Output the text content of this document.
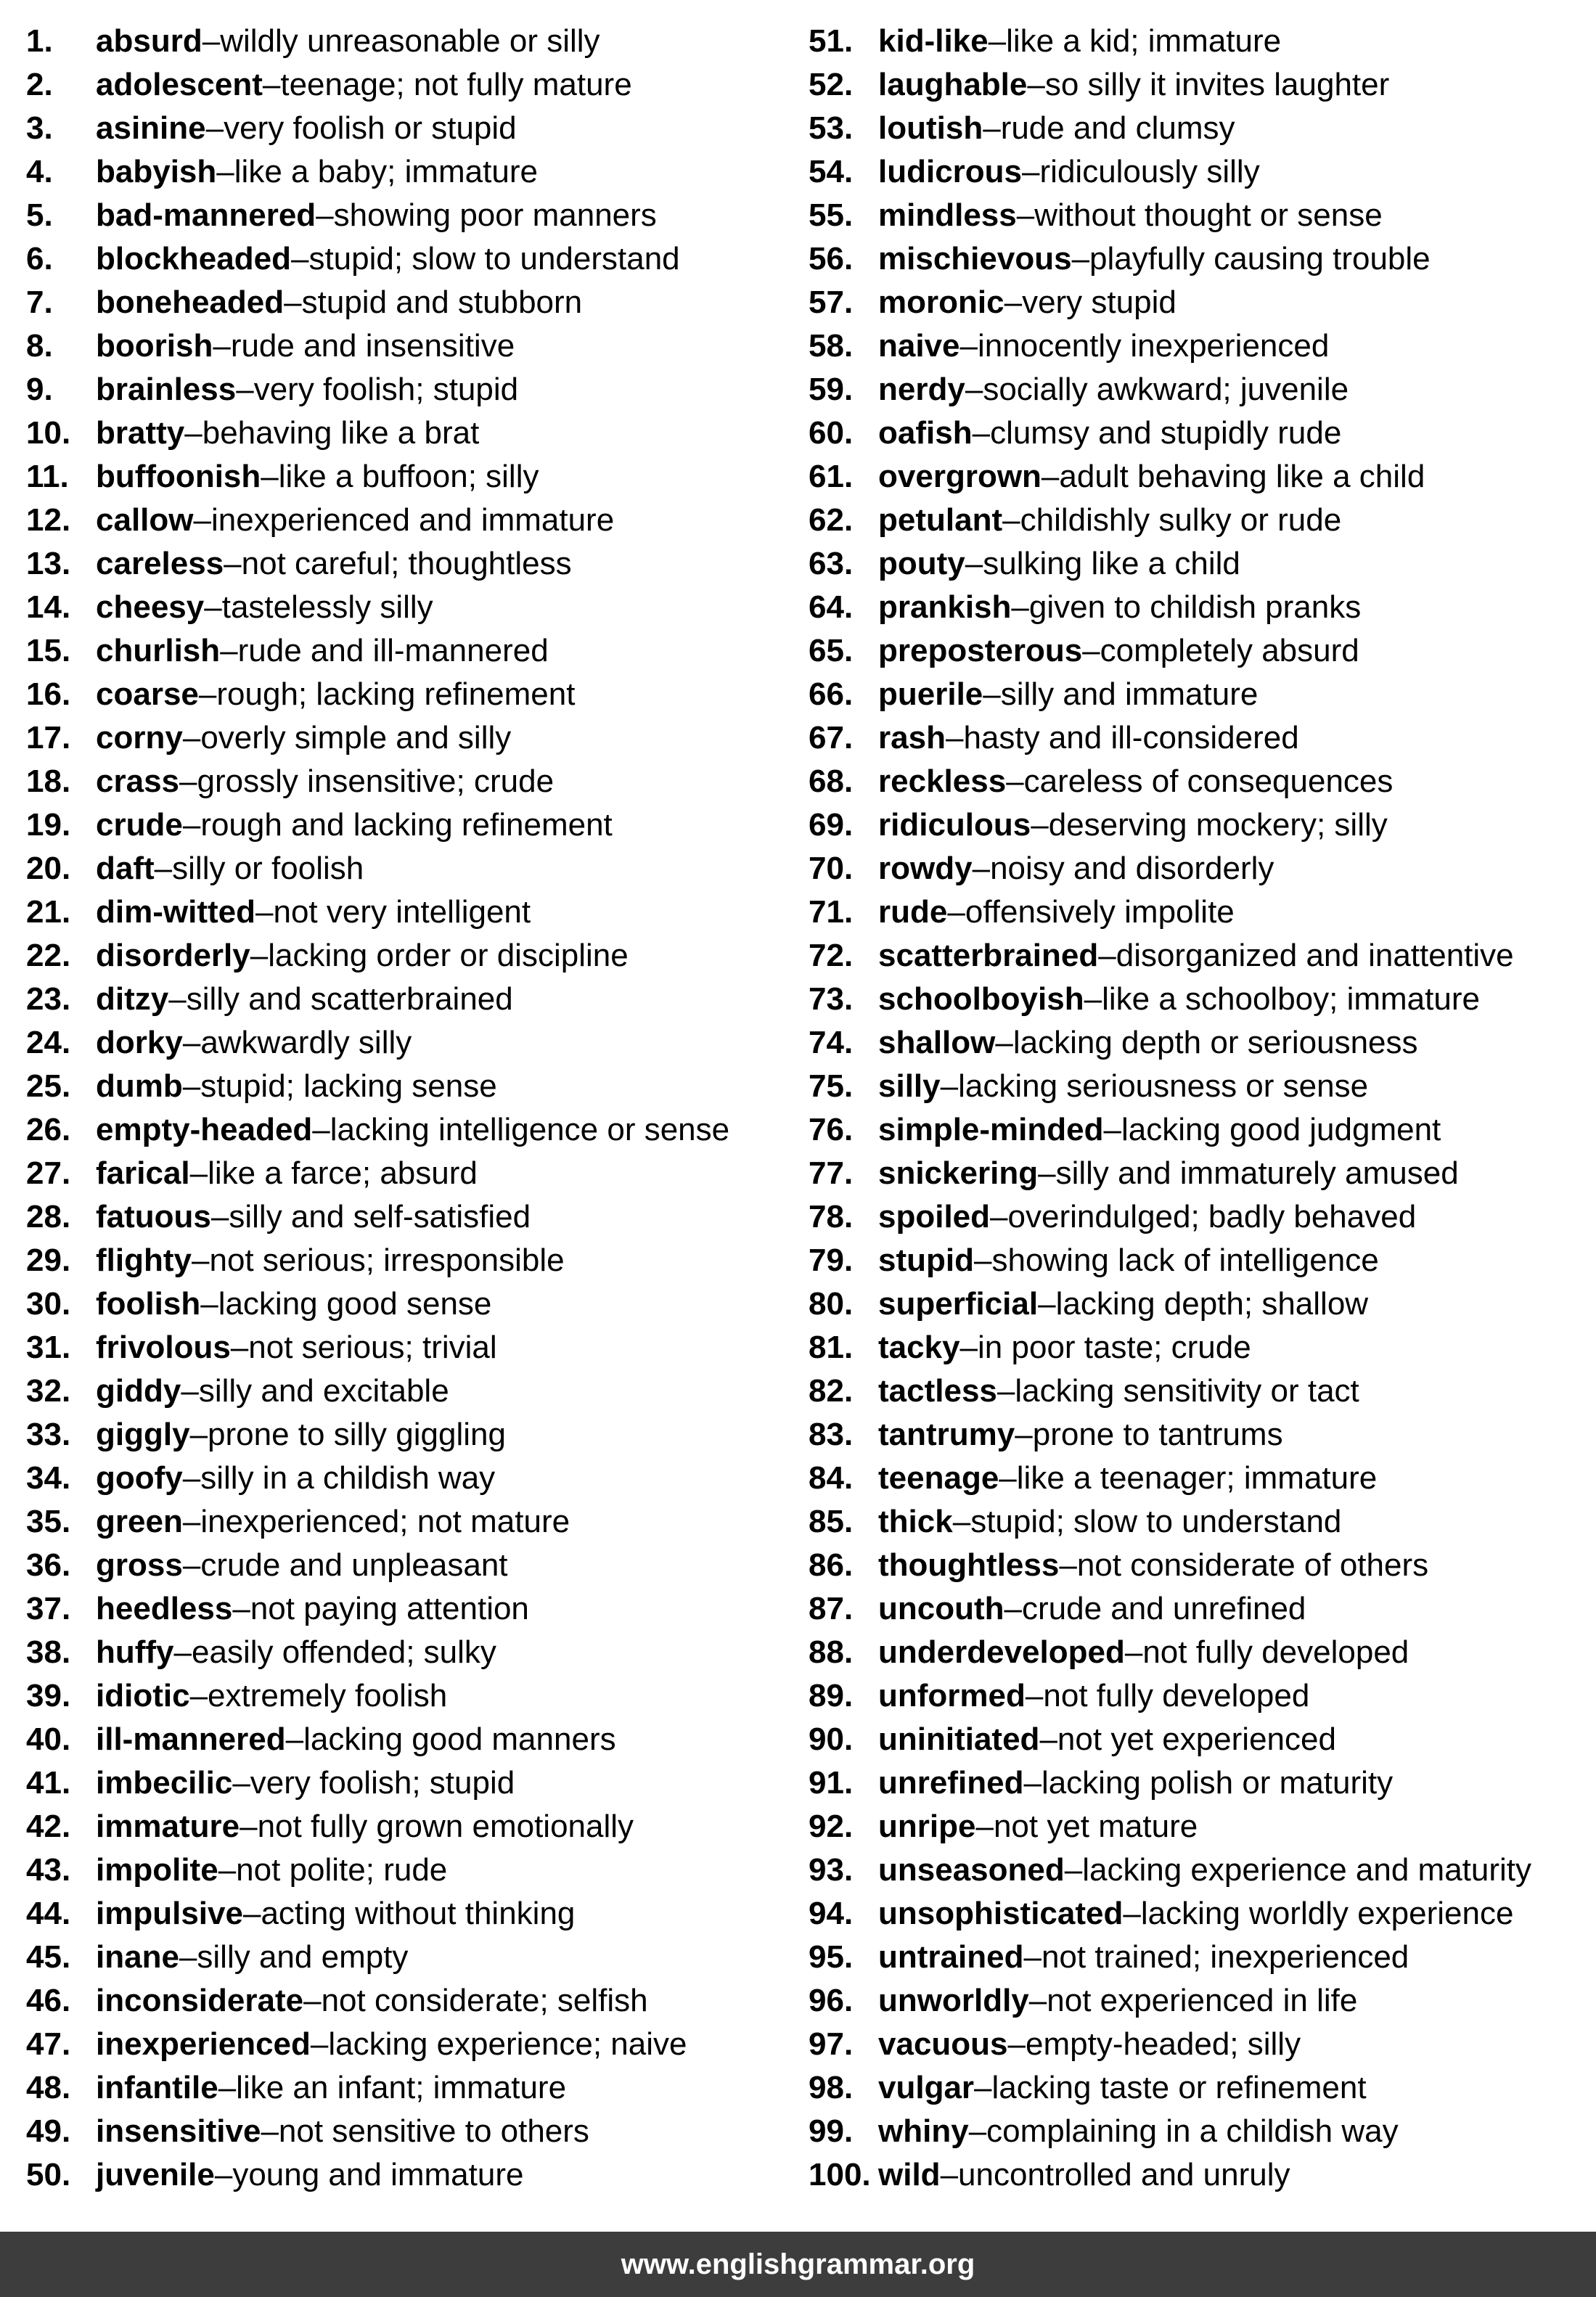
1.	absurd – wildly unreasonable or silly
2.	adolescent – teenage; not fully mature
3.	asinine – very foolish or stupid
4.	babyish – like a baby; immature
5.	bad-mannered – showing poor manners
6.	blockheaded – stupid; slow to understand
7.	boneheaded – stupid and stubborn
8.	boorish – rude and insensitive
9.	brainless – very foolish; stupid
10. bratty – behaving like a brat
11. buffoonish – like a buffoon; silly
12. callow – inexperienced and immature
13. careless – not careful; thoughtless
14. cheesy – tastelessly silly
15. churlish – rude and ill-mannered
16. coarse – rough; lacking refinement
17. corny – overly simple and silly
18. crass – grossly insensitive; crude
19. crude – rough and lacking refinement
20. daft – silly or foolish
21. dim-witted – not very intelligent
22. disorderly – lacking order or discipline
23. ditzy – silly and scatterbrained
24. dorky – awkwardly silly
25. dumb – stupid; lacking sense
26. empty-headed – lacking intelligence or sense
27. farical – like a farce; absurd
28. fatuous – silly and self-satisfied
29. flighty – not serious; irresponsible
30. foolish – lacking good sense
31. frivolous – not serious; trivial
32. giddy – silly and excitable
33. giggly – prone to silly giggling
34. goofy – silly in a childish way
35. green – inexperienced; not mature
36. gross – crude and unpleasant
37. heedless – not paying attention
38. huffy – easily offended; sulky
39. idiotic – extremely foolish
40. ill-mannered – lacking good manners
41. imbecilic – very foolish; stupid
42. immature – not fully grown emotionally
43. impolite – not polite; rude
44. impulsive – acting without thinking
45. inane – silly and empty
46. inconsiderate – not considerate; selfish
47. inexperienced – lacking experience; naive
48. infantile – like an infant; immature
49. insensitive – not sensitive to others
50. juvenile – young and immature
51. kid-like – like a kid; immature
52. laughable – so silly it invites laughter
53. loutish – rude and clumsy
54. ludicrous – ridiculously silly
55. mindless – without thought or sense
56. mischievous – playfully causing trouble
57. moronic – very stupid
58. naive – innocently inexperienced
59. nerdy – socially awkward; juvenile
60. oafish – clumsy and stupidly rude
61. overgrown – adult behaving like a child
62. petulant – childishly sulky or rude
63. pouty – sulking like a child
64. prankish – given to childish pranks
65. preposterous – completely absurd
66. puerile – silly and immature
67. rash – hasty and ill-considered
68. reckless – careless of consequences
69. ridiculous – deserving mockery; silly
70. rowdy – noisy and disorderly
71. rude – offensively impolite
72. scatterbrained – disorganized and inattentive
73. schoolboyish – like a schoolboy; immature
74. shallow – lacking depth or seriousness
75. silly – lacking seriousness or sense
76. simple-minded – lacking good judgment
77. snickering – silly and immaturely amused
78. spoiled – overindulged; badly behaved
79. stupid – showing lack of intelligence
80. superficial – lacking depth; shallow
81. tacky – in poor taste; crude
82. tactless – lacking sensitivity or tact
83. tantrumy – prone to tantrums
84. teenage – like a teenager; immature
85. thick – stupid; slow to understand
86. thoughtless – not considerate of others
87. uncouth – crude and unrefined
88. underdeveloped – not fully developed
89. unformed – not fully developed
90. uninitiated – not yet experienced
91. unrefined – lacking polish or maturity
92. unripe – not yet mature
93. unseasoned – lacking experience and maturity
94. unsophisticated – lacking worldly experience
95. untrained – not trained; inexperienced
96. unworldly – not experienced in life
97. vacuous – empty-headed; silly
98. vulgar – lacking taste or refinement
99. whiny – complaining in a childish way
100. wild – uncontrolled and unruly
www.englishgrammar.org
